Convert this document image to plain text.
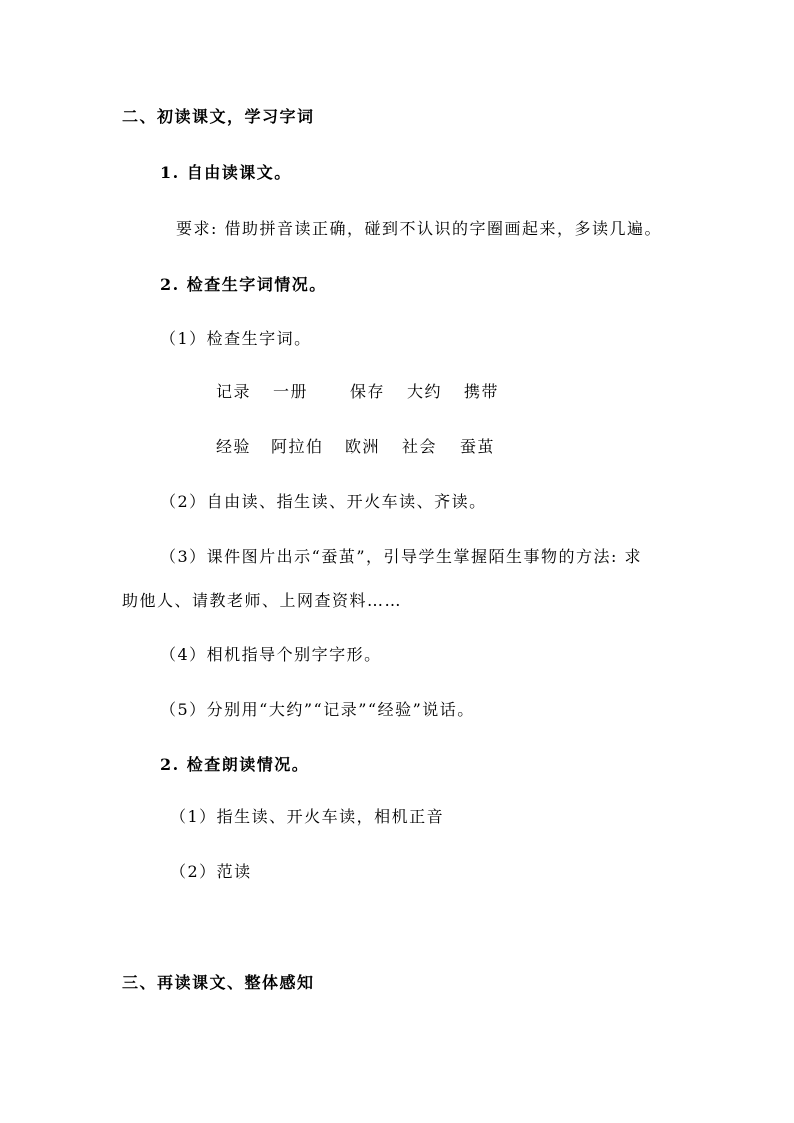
二、初读课文，学习字词
1. 自由读课文。
要求: 借助拼音读正确，碰到不认识的字圈画起来，多读几遍。
2. 检查生字词情况。
（1）检查生字词。
记录 一册	保存 大约 携带
经验 阿拉伯 欧洲 社会 蚕茧
（2）自由读、指生读、开火车读、齐读。
（3）课件图片出示“蚕茧”，引导学生掌握陌生事物的方法: 求
助他人、请教老师、上网查资料……
（4）相机指导个别字字形。
（5）分别用“大约”“记录”“经验”说话。
2. 检查朗读情况。
（1）指生读、开火车读，相机正音
（2）范读
三、再读课文、整体感知
